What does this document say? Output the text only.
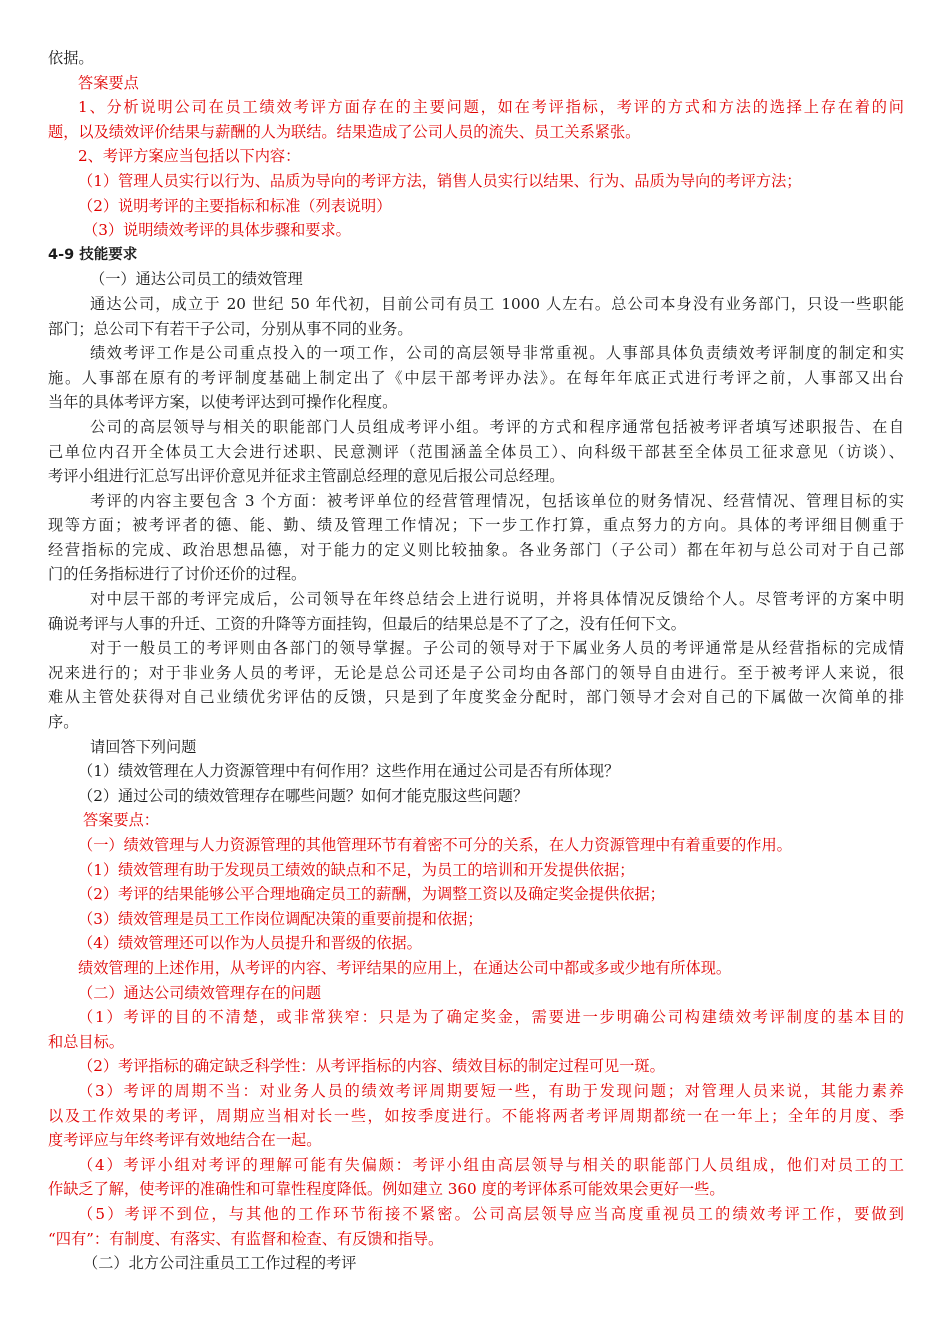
依据。
答案要点
1、分析说明公司在员工绩效考评方面存在的主要问题，如在考评指标，考评的方式和方法的选择上存在着的问
题，以及绩效评价结果与薪酬的人为联结。结果造成了公司人员的流失、员工关系紧张。
2、考评方案应当包括以下内容：
（1）管理人员实行以行为、品质为导向的考评方法，销售人员实行以结果、行为、品质为导向的考评方法；
（2）说明考评的主要指标和标准（列表说明）
（3）说明绩效考评的具体步骤和要求。
4-9 技能要求
（一）通达公司员工的绩效管理
通达公司，成立于 20 世纪 50 年代初，目前公司有员工 1000 人左右。总公司本身没有业务部门，只设一些职能
部门；总公司下有若干子公司，分别从事不同的业务。
绩效考评工作是公司重点投入的一项工作，公司的高层领导非常重视。人事部具体负责绩效考评制度的制定和实
施。人事部在原有的考评制度基础上制定出了《中层干部考评办法》。在每年年底正式进行考评之前，人事部又出台
当年的具体考评方案，以使考评达到可操作化程度。
公司的高层领导与相关的职能部门人员组成考评小组。考评的方式和程序通常包括被考评者填写述职报告、在自
己单位内召开全体员工大会进行述职、民意测评（范围涵盖全体员工）、向科级干部甚至全体员工征求意见（访谈）、
考评小组进行汇总写出评价意见并征求主管副总经理的意见后报公司总经理。
考评的内容主要包含 3 个方面：被考评单位的经营管理情况，包括该单位的财务情况、经营情况、管理目标的实
现等方面；被考评者的德、能、勤、绩及管理工作情况；下一步工作打算，重点努力的方向。具体的考评细目侧重于
经营指标的完成、政治思想品德，对于能力的定义则比较抽象。各业务部门（子公司）都在年初与总公司对于自己部
门的任务指标进行了讨价还价的过程。
对中层干部的考评完成后，公司领导在年终总结会上进行说明，并将具体情况反馈给个人。尽管考评的方案中明
确说考评与人事的升迁、工资的升降等方面挂钩，但最后的结果总是不了了之，没有任何下文。
对于一般员工的考评则由各部门的领导掌握。子公司的领导对于下属业务人员的考评通常是从经营指标的完成情
况来进行的；对于非业务人员的考评，无论是总公司还是子公司均由各部门的领导自由进行。至于被考评人来说，很
难从主管处获得对自己业绩优劣评估的反馈，只是到了年度奖金分配时，部门领导才会对自己的下属做一次简单的排
序。
请回答下列问题
（1）绩效管理在人力资源管理中有何作用？这些作用在通过公司是否有所体现？
（2）通过公司的绩效管理存在哪些问题？如何才能克服这些问题？
答案要点：
（一）绩效管理与人力资源管理的其他管理环节有着密不可分的关系，在人力资源管理中有着重要的作用。
（1）绩效管理有助于发现员工绩效的缺点和不足，为员工的培训和开发提供依据；
（2）考评的结果能够公平合理地确定员工的薪酬，为调整工资以及确定奖金提供依据；
（3）绩效管理是员工工作岗位调配决策的重要前提和依据；
（4）绩效管理还可以作为人员提升和晋级的依据。
绩效管理的上述作用，从考评的内容、考评结果的应用上，在通达公司中都或多或少地有所体现。
（二）通达公司绩效管理存在的问题
（1）考评的目的不清楚，或非常狭窄：只是为了确定奖金，需要进一步明确公司构建绩效考评制度的基本目的
和总目标。
（2）考评指标的确定缺乏科学性：从考评指标的内容、绩效目标的制定过程可见一斑。
（3）考评的周期不当：对业务人员的绩效考评周期要短一些，有助于发现问题；对管理人员来说，其能力素养
以及工作效果的考评，周期应当相对长一些，如按季度进行。不能将两者考评周期都统一在一年上；全年的月度、季
度考评应与年终考评有效地结合在一起。
（4）考评小组对考评的理解可能有失偏颇：考评小组由高层领导与相关的职能部门人员组成，他们对员工的工
作缺乏了解，使考评的准确性和可靠性程度降低。例如建立 360 度的考评体系可能效果会更好一些。
（5）考评不到位，与其他的工作环节衔接不紧密。公司高层领导应当高度重视员工的绩效考评工作，要做到
“四有”：有制度、有落实、有监督和检查、有反馈和指导。
（二）北方公司注重员工工作过程的考评
